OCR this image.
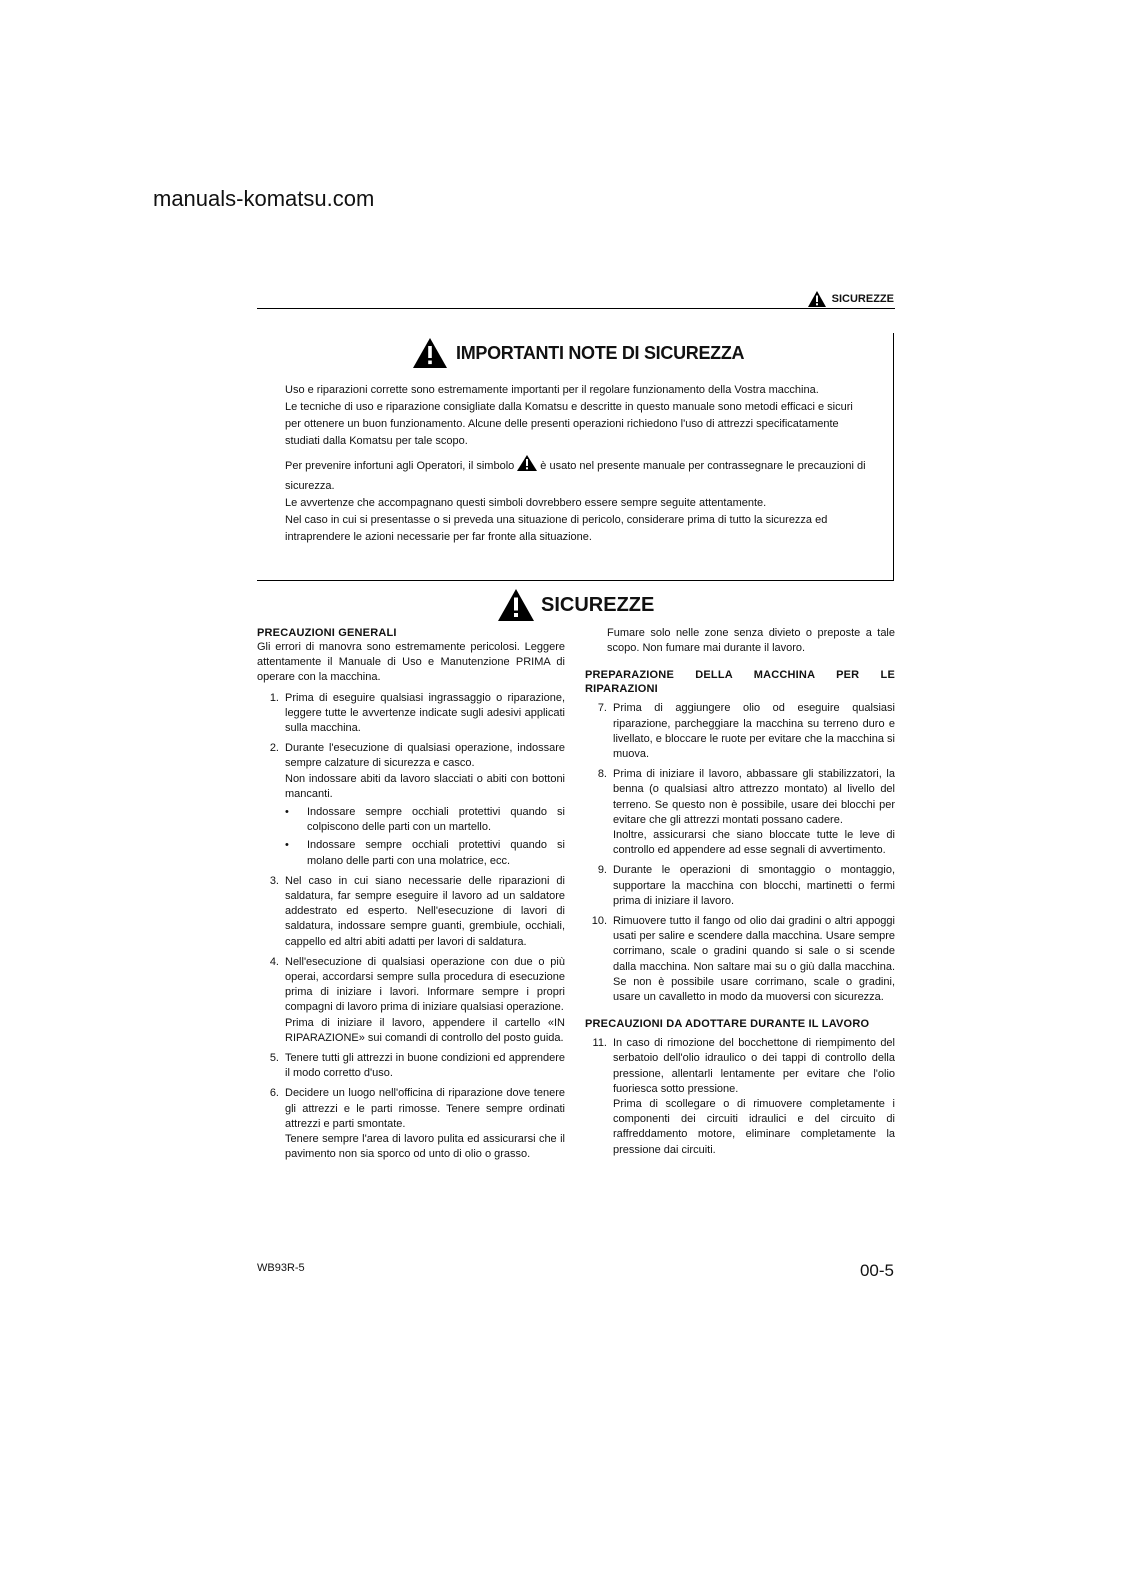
manuals-komatsu.com
SICUREZZE
IMPORTANTI NOTE DI SICUREZZA

Uso e riparazioni corrette sono estremamente importanti per il regolare funzionamento della Vostra macchina.

Le tecniche di uso e riparazione consigliate dalla Komatsu e descritte in questo manuale sono metodi efficaci e sicuri per ottenere un buon funzionamento. Alcune delle presenti operazioni richiedono l'uso di attrezzi specificatamente studiati dalla Komatsu per tale scopo.

Per prevenire infortuni agli Operatori, il simbolo è usato nel presente manuale per contrassegnare le precauzioni di sicurezza.

Le avvertenze che accompagnano questi simboli dovrebbero essere sempre seguite attentamente.

Nel caso in cui si presentasse o si preveda una situazione di pericolo, considerare prima di tutto la sicurezza ed intraprendere le azioni necessarie per far fronte alla situazione.

SICUREZZE
PRECAUZIONI GENERALI

Gli errori di manovra sono estremamente pericolosi. Leggere attentamente il Manuale di Uso e Manutenzione PRIMA di operare con la macchina.

1. Prima di eseguire qualsiasi ingrassaggio o riparazione, leggere tutte le avvertenze indicate sugli adesivi applicati sulla macchina.

2. Durante l'esecuzione di qualsiasi operazione, indossare sempre calzature di sicurezza e casco.

Non indossare abiti da lavoro slacciati o abiti con bottoni mancanti.

•	Indossare sempre occhiali protettivi quando si colpiscono delle parti con un martello.
•	Indossare sempre occhiali protettivi quando si molano delle parti con una molatrice, ecc.
3. Nel caso in cui siano necessarie delle riparazioni di saldatura, far sempre eseguire il lavoro ad un saldatore addestrato ed esperto. Nell'esecuzione di lavori di saldatura, indossare sempre guanti, grembiule, occhiali, cappello ed altri abiti adatti per lavori di saldatura.

4. Nell'esecuzione di qualsiasi operazione con due o più operai, accordarsi sempre sulla procedura di esecuzione prima di iniziare i lavori. Informare sempre i propri compagni di lavoro prima di iniziare qualsiasi operazione.

Prima di iniziare il lavoro, appendere il cartello «IN RIPARAZIONE» sui comandi di controllo del posto guida.

5. Tenere tutti gli attrezzi in buone condizioni ed apprendere il modo corretto d'uso.

6. Decidere un luogo nell'officina di riparazione dove tenere gli attrezzi e le parti rimosse. Tenere sempre ordinati attrezzi e parti smontate.

Tenere sempre l'area di lavoro pulita ed assicurarsi che il pavimento non sia sporco od unto di olio o grasso.

Fumare solo nelle zone senza divieto o preposte a tale scopo. Non fumare mai durante il lavoro.

PREPARAZIONE DELLA MACCHINA PER LE RIPARAZIONI
7. Prima di aggiungere olio od eseguire qualsiasi riparazione, parcheggiare la macchina su terreno duro e livellato, e bloccare le ruote per evitare che la macchina si muova.

8. Prima di iniziare il lavoro, abbassare gli stabilizzatori, la benna (o qualsiasi altro attrezzo montato) al livello del terreno. Se questo non è possibile, usare dei blocchi per evitare che gli attrezzi montati possano cadere.

Inoltre, assicurarsi che siano bloccate tutte le leve di controllo ed appendere ad esse segnali di avvertimento.

9. Durante le operazioni di smontaggio o montaggio, supportare la macchina con blocchi, martinetti o fermi prima di iniziare il lavoro.

10. Rimuovere tutto il fango od olio dai gradini o altri appoggi usati per salire e scendere dalla macchina. Usare sempre corrimano, scale o gradini quando si sale o si scende dalla macchina. Non saltare mai su o giù dalla macchina. Se non è possibile usare corrimano, scale o gradini, usare un cavalletto in modo da muoversi con sicurezza.

PRECAUZIONI DA ADOTTARE DURANTE IL LAVORO
11. In caso di rimozione del bocchettone di riempimento del serbatoio dell'olio idraulico o dei tappi di controllo della pressione, allentarli lentamente per evitare che l'olio fuoriesca sotto pressione.

Prima di scollegare o di rimuovere completamente i componenti dei circuiti idraulici e del circuito di raffreddamento motore, eliminare completamente la pressione dai circuiti.

WB93R-5	00-5
